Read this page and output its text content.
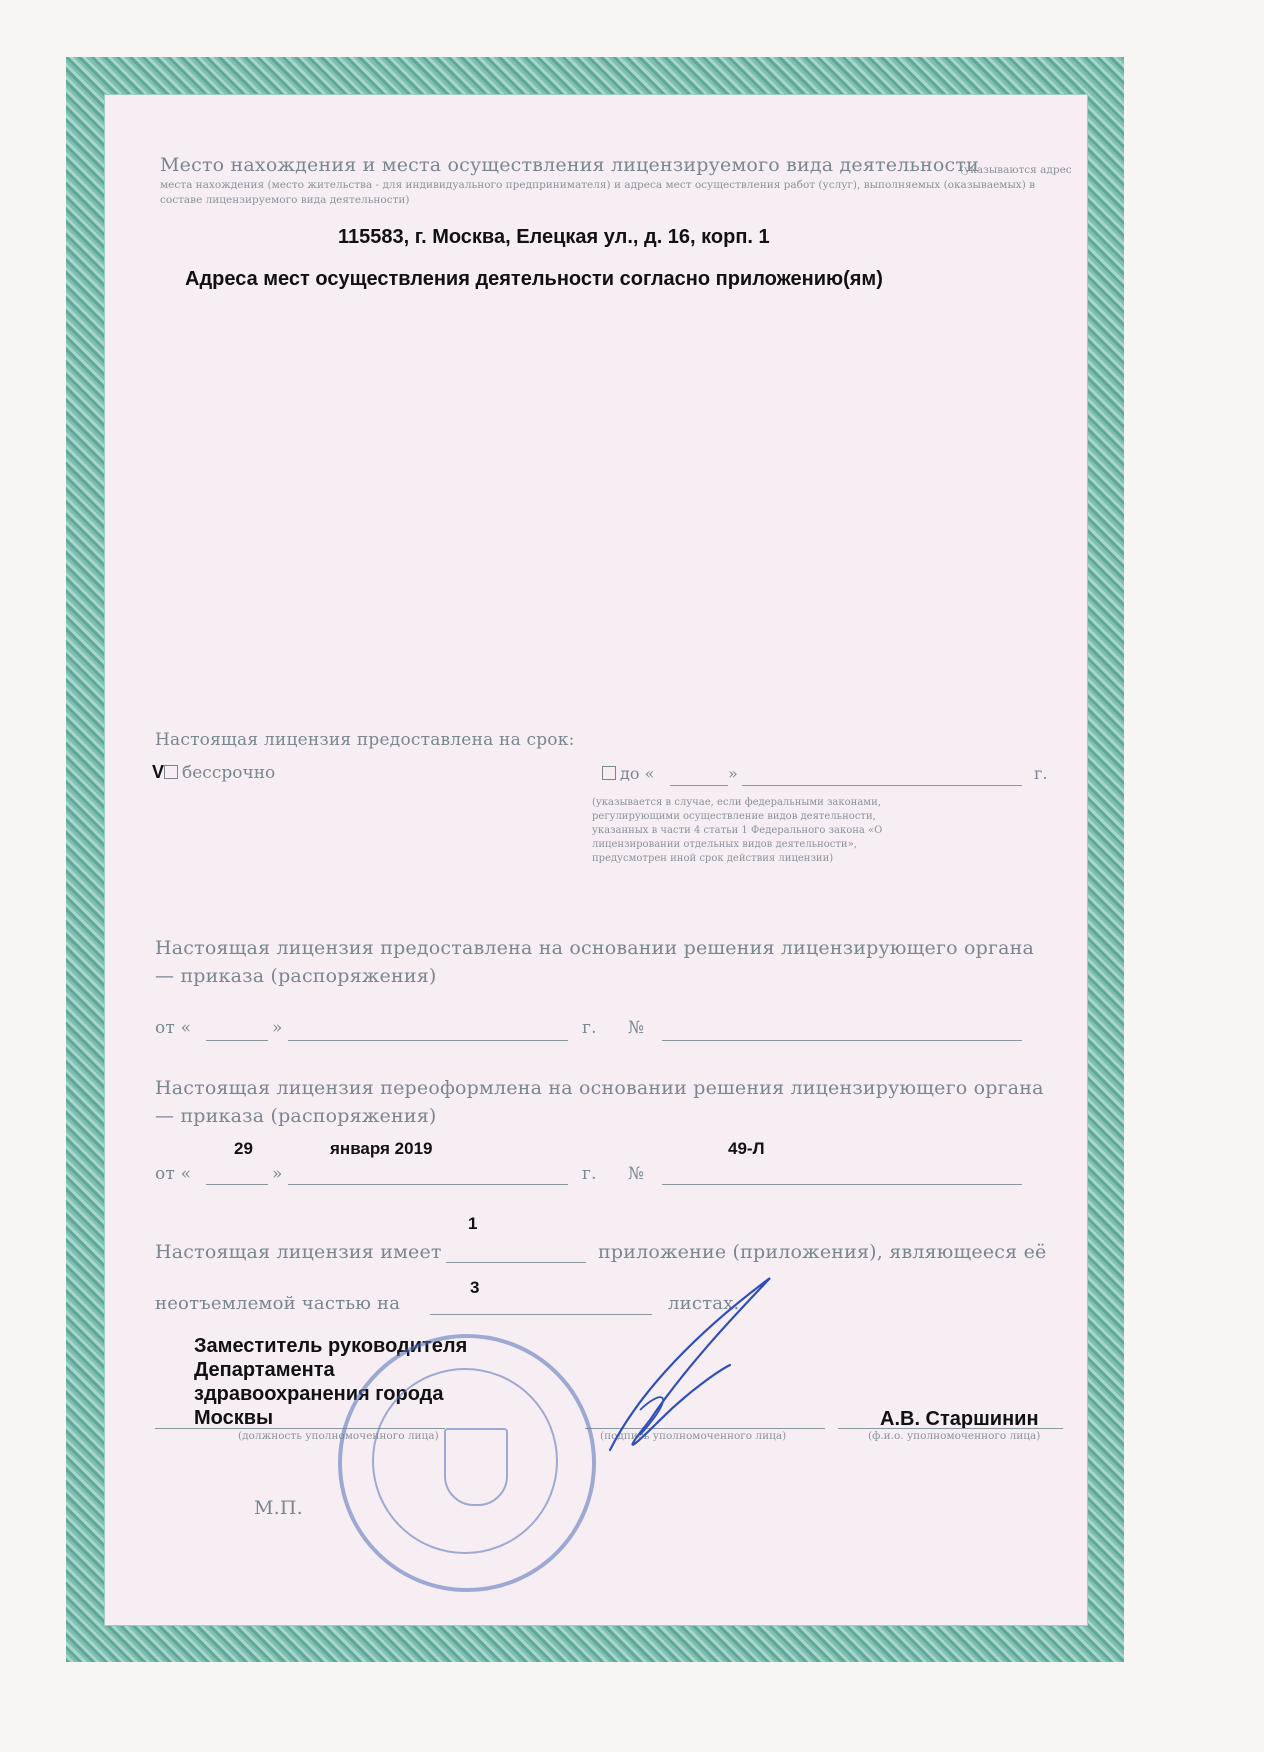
Место нахождения и места осуществления лицензируемого вида деятельности
(указываются адрес места нахождения (место жительства - для индивидуального предпринимателя) и адреса мест осуществления работ (услуг), выполняемых (оказываемых) в составе лицензируемого вида деятельности)
115583, г. Москва, Елецкая ул., д. 16, корп. 1
Адреса мест осуществления деятельности согласно приложению(ям)
Настоящая лицензия предоставлена на срок:
V бессрочно	до «	»	г.
(указывается в случае, если федеральными законами, регулирующими осуществление видов деятельности, указанных в части 4 статьи 1 Федерального закона «О лицензировании отдельных видов деятельности», предусмотрен иной срок действия лицензии)
Настоящая лицензия предоставлена на основании решения лицензирующего органа
— приказа (распоряжения)
от «	»	г. №
Настоящая лицензия переоформлена на основании решения лицензирующего органа
— приказа (распоряжения)
29	января 2019	49-Л
от «	»	г. №
1
Настоящая лицензия имеет	приложение (приложения), являющееся её
3
неотъемлемой частью на	листах.
Заместитель руководителя
Департамента
здравоохранения города
Москвы
(должность уполномоченного лица)	(подпись уполномоченного лица)
А.В. Старшинин
(ф.и.о. уполномоченного лица)
М.П.
